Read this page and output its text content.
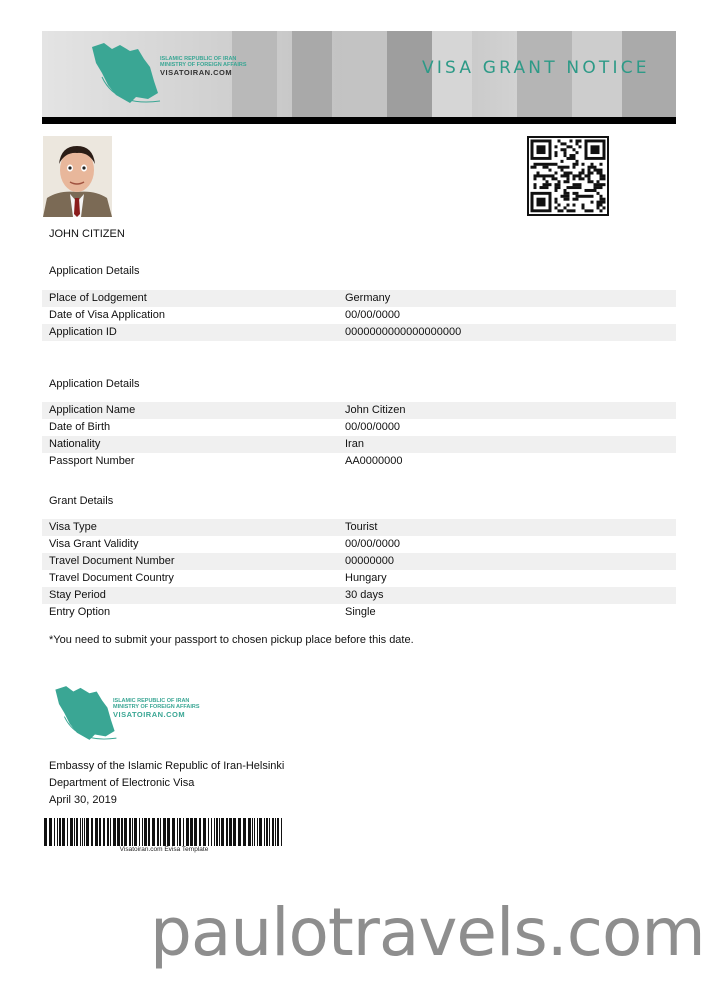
ISLAMIC REPUBLIC OF IRAN
MINISTRY OF FOREIGN AFFAIRS
VISATOIRAN.COM	VISA GRANT NOTICE
JOHN CITIZEN
Application Details
Place of Lodgement	Germany
Date of Visa Application	00/00/0000
Application ID	0000000000000000000
Application Details
Application Name	John Citizen
Date of Birth	00/00/0000
Nationality	Iran
Passport Number	AA0000000
Grant Details
Visa Type	Tourist
Visa Grant Validity	00/00/0000
Travel Document Number	00000000
Travel Document Country	Hungary
Stay Period	30 days
Entry Option	Single
*You need to submit your passport to chosen pickup place before this date.
ISLAMIC REPUBLIC OF IRAN
MINISTRY OF FOREIGN AFFAIRS
VISATOIRAN.COM
Embassy of the Islamic Republic of Iran-Helsinki
Department of Electronic Visa
April 30, 2019
Visatoiran.com Evisa Template
paulotravels.com
